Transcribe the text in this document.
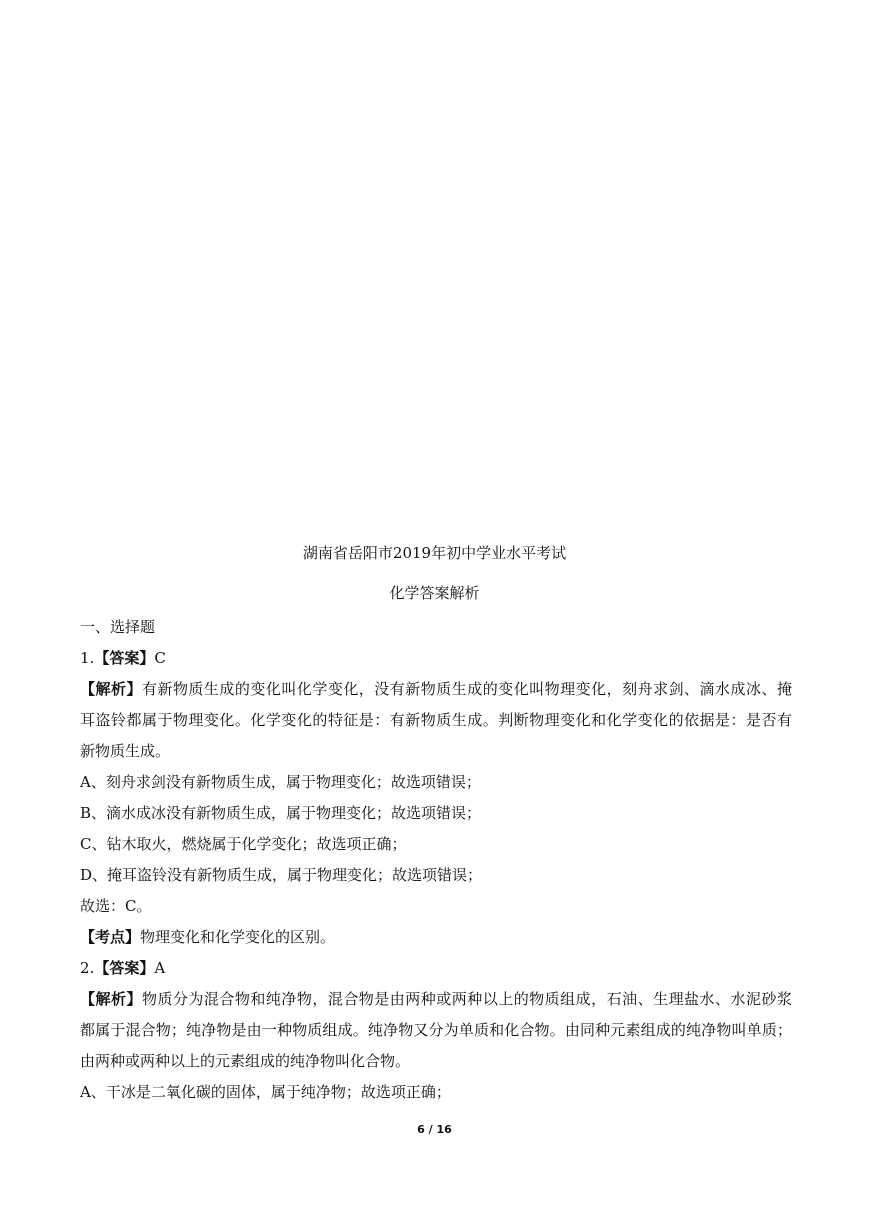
湖南省岳阳市2019年初中学业水平考试
化学答案解析
一、选择题
1.【答案】C
【解析】有新物质生成的变化叫化学变化，没有新物质生成的变化叫物理变化，刻舟求剑、滴水成冰、掩
耳盗铃都属于物理变化。化学变化的特征是：有新物质生成。判断物理变化和化学变化的依据是：是否有
新物质生成。
A、刻舟求剑没有新物质生成，属于物理变化；故选项错误；
B、滴水成冰没有新物质生成，属于物理变化；故选项错误；
C、钻木取火，燃烧属于化学变化；故选项正确；
D、掩耳盗铃没有新物质生成，属于物理变化；故选项错误；
故选：C。
【考点】物理变化和化学变化的区别。
2.【答案】A
【解析】物质分为混合物和纯净物，混合物是由两种或两种以上的物质组成，石油、生理盐水、水泥砂浆
都属于混合物；纯净物是由一种物质组成。纯净物又分为单质和化合物。由同种元素组成的纯净物叫单质；
由两种或两种以上的元素组成的纯净物叫化合物。
A、干冰是二氧化碳的固体，属于纯净物；故选项正确；
6 / 16
